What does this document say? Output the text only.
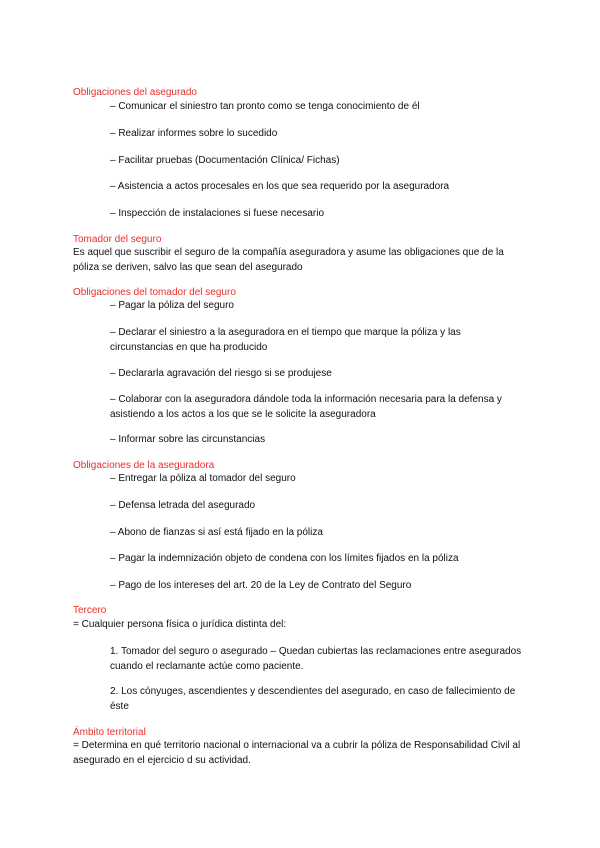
Obligaciones del asegurado
– Comunicar el siniestro tan pronto como se tenga conocimiento de él
– Realizar informes sobre lo sucedido
– Facilitar pruebas (Documentación Clínica/ Fichas)
– Asistencia a actos procesales en los que sea requerido por la aseguradora
– Inspección de instalaciones si fuese necesario
Tomador del seguro
Es aquel que suscribir el seguro de la compañía aseguradora y asume las obligaciones que de la
póliza se deriven, salvo las que sean del asegurado
Obligaciones del tomador del seguro
– Pagar la póliza del seguro
– Declarar el siniestro a la aseguradora en el tiempo que marque la póliza y las
circunstancias en que ha producido
– Declararla agravación del riesgo si se produjese
– Colaborar con la aseguradora dándole toda la información necesaria para la defensa y
asistiendo a los actos a los que se le solicite la aseguradora
– Informar sobre las circunstancias
Obligaciones de la aseguradora
– Entregar la póliza al tomador del seguro
– Defensa letrada del asegurado
– Abono de fianzas si así está fijado en la póliza
– Pagar la indemnización objeto de condena con los límites fijados en la póliza
– Pago de los intereses del art. 20 de la Ley de Contrato del Seguro
Tercero
= Cualquier persona física o jurídica distinta del:
1. Tomador del seguro o asegurado – Quedan cubiertas las reclamaciones entre asegurados
cuando el reclamante actúe como paciente.
2. Los cónyuges, ascendientes y descendientes del asegurado, en caso de fallecimiento de
éste
Ámbito territorial
= Determina en qué territorio nacional o internacional va a cubrir la póliza de Responsabilidad Civil al
asegurado en el ejercicio d su actividad.
